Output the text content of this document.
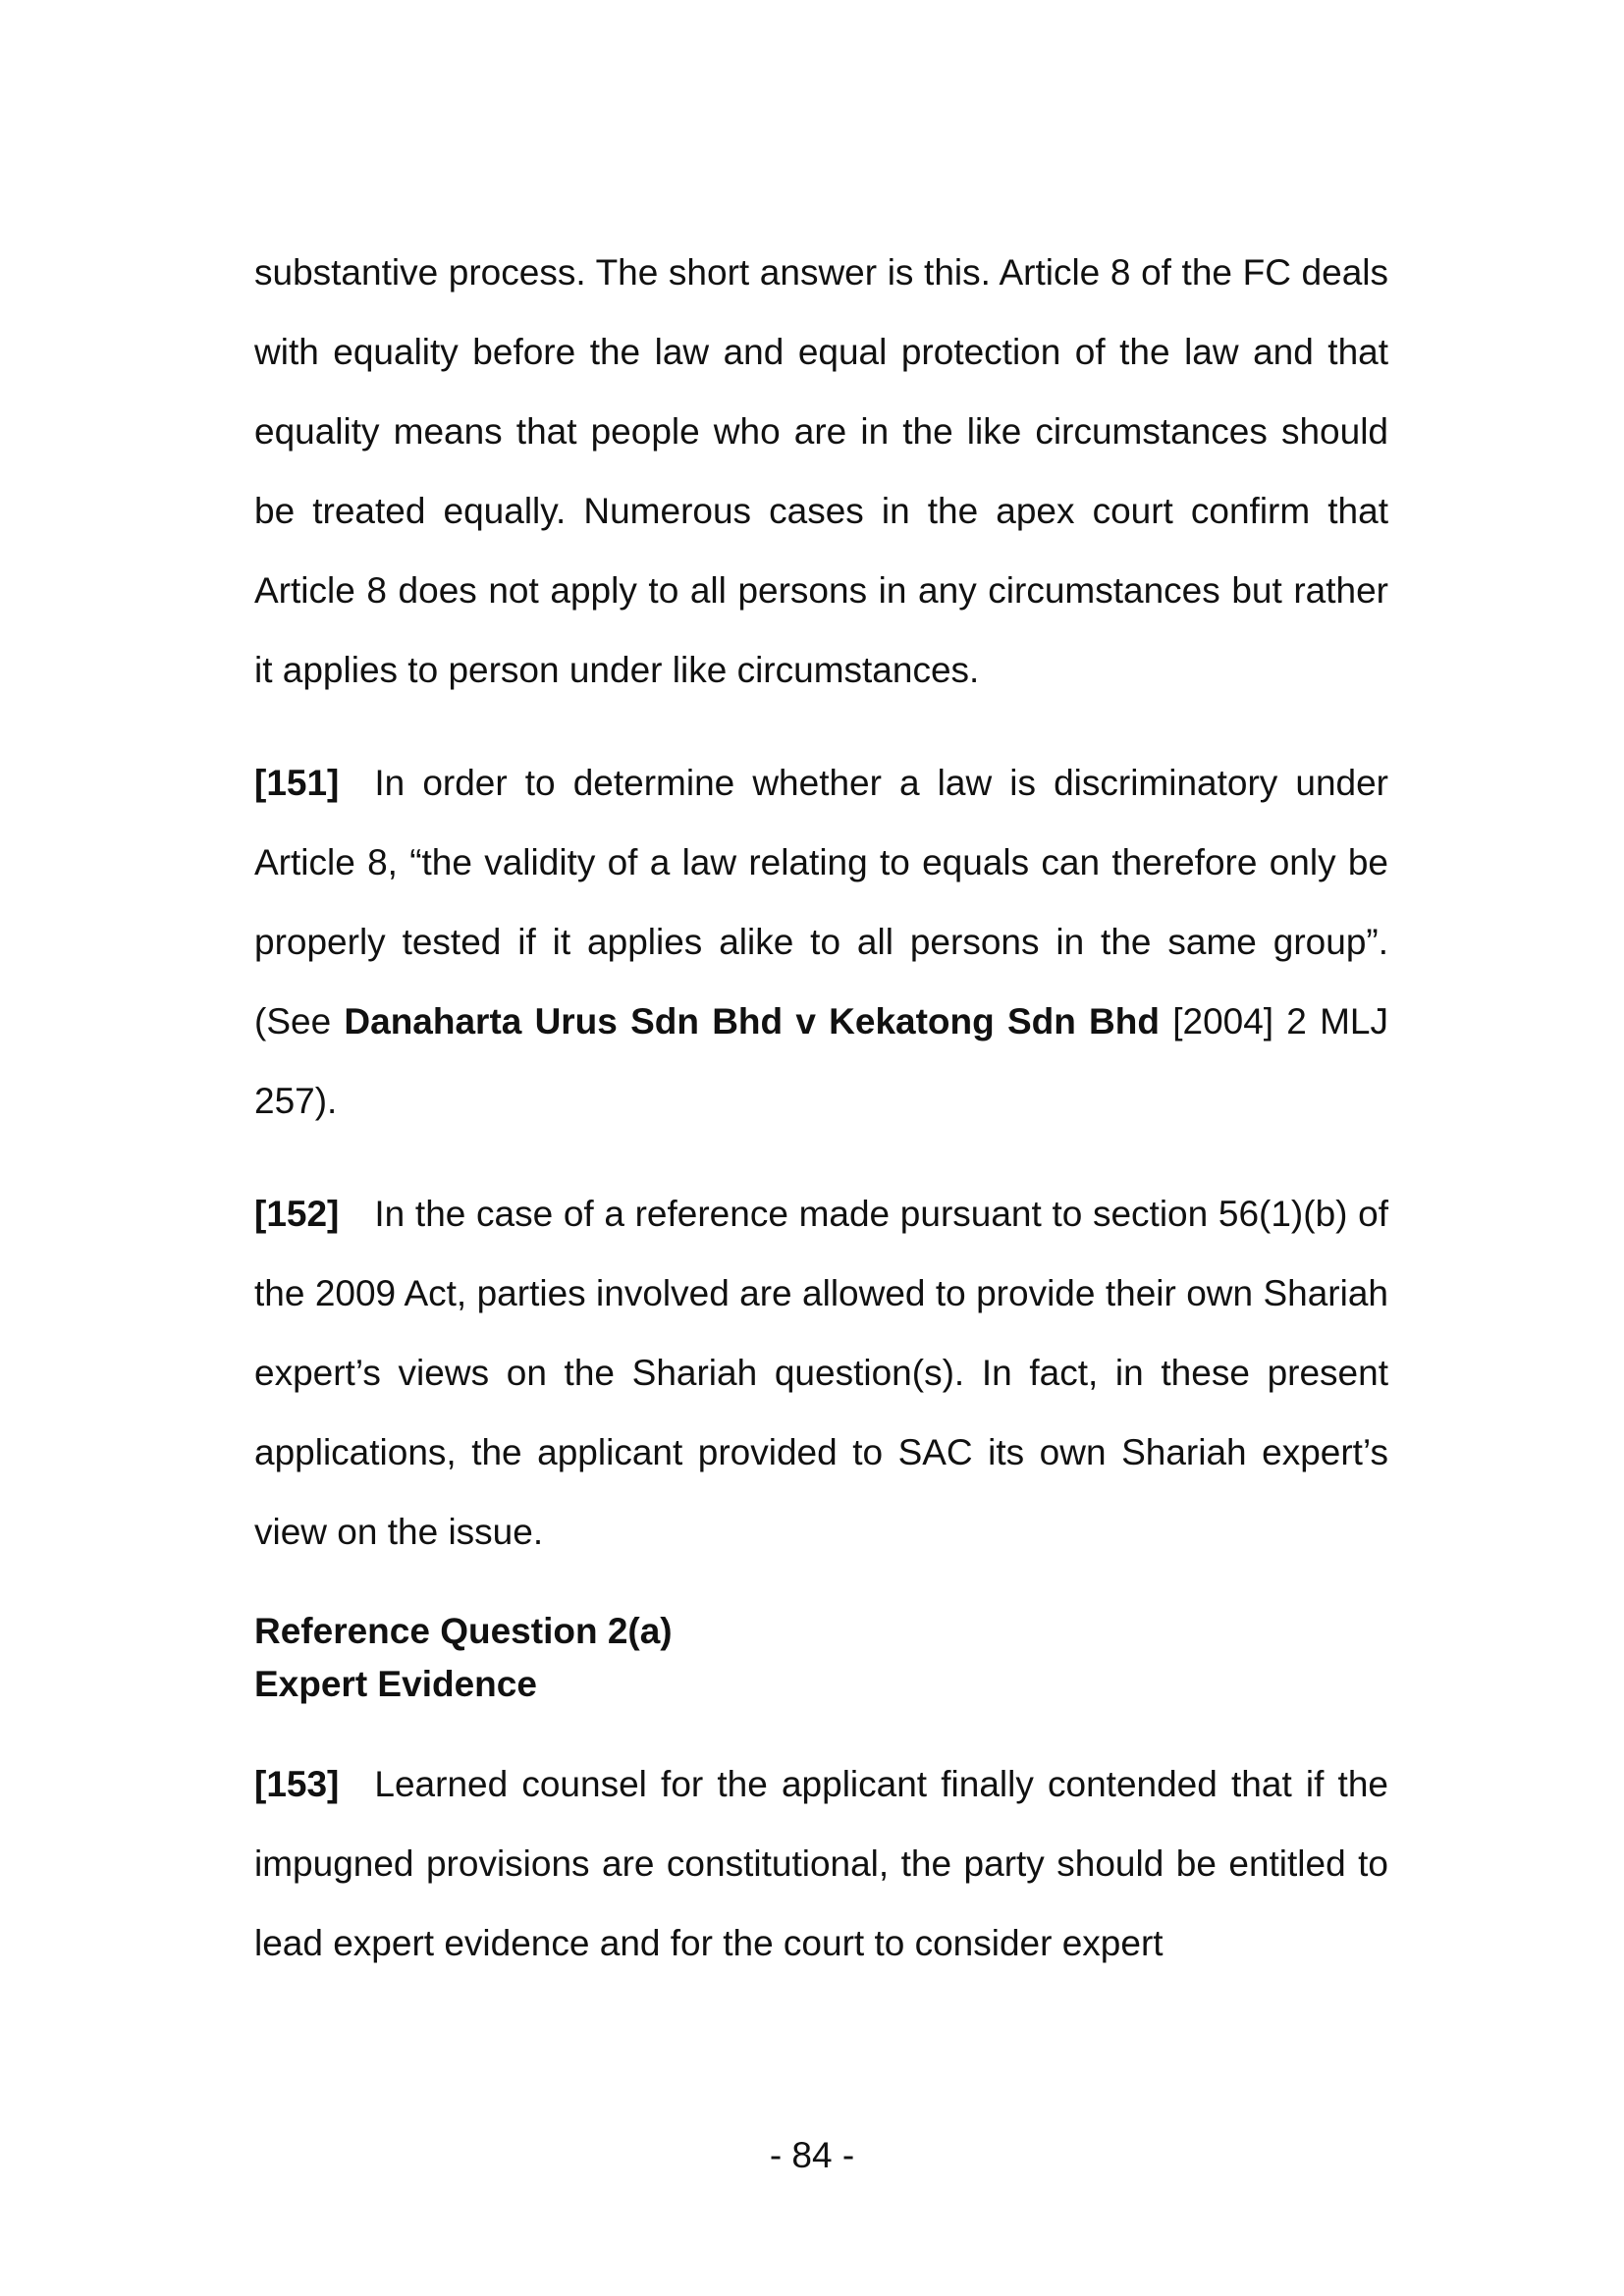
substantive process. The short answer is this. Article 8 of the FC deals with equality before the law and equal protection of the law and that equality means that people who are in the like circumstances should be treated equally. Numerous cases in the apex court confirm that Article 8 does not apply to all persons in any circumstances but rather it applies to person under like circumstances.

[151] In order to determine whether a law is discriminatory under Article 8, “the validity of a law relating to equals can therefore only be properly tested if it applies alike to all persons in the same group”. (See Danaharta Urus Sdn Bhd v Kekatong Sdn Bhd [2004] 2 MLJ 257).

[152] In the case of a reference made pursuant to section 56(1)(b) of the 2009 Act, parties involved are allowed to provide their own Shariah expert’s views on the Shariah question(s). In fact, in these present applications, the applicant provided to SAC its own Shariah expert’s view on the issue.

Reference Question 2(a)

Expert Evidence

[153] Learned counsel for the applicant finally contended that if the impugned provisions are constitutional, the party should be entitled to lead expert evidence and for the court to consider expert

- 84 -
